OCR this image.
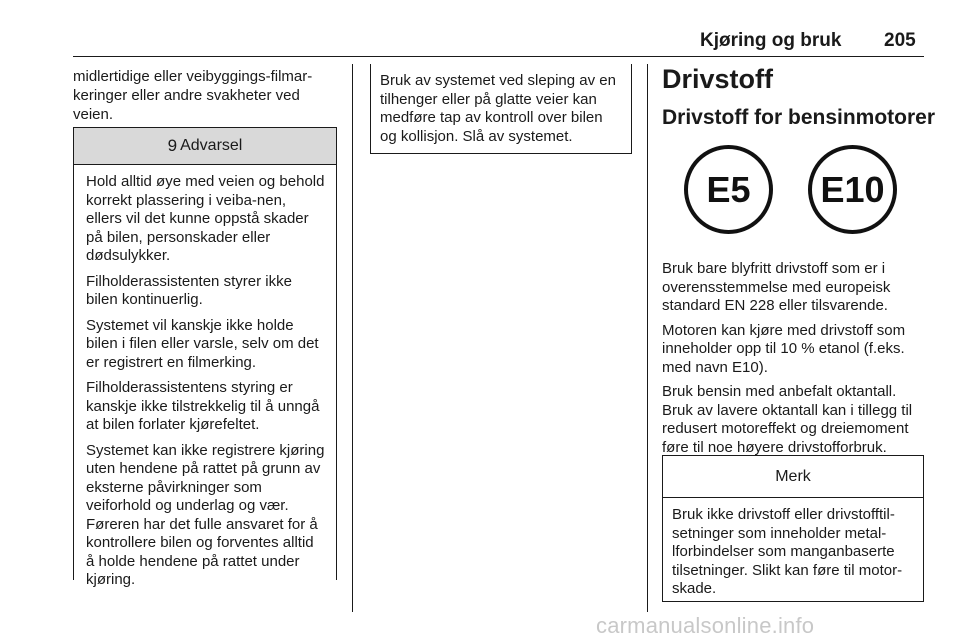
Kjøring og bruk 205

midlertidige eller veibyggings-filmar-keringer eller andre svakheter ved veien.

9 Advarsel

Hold alltid øye med veien og behold korrekt plassering i veiba-nen, ellers vil det kunne oppstå skader på bilen, personskader eller dødsulykker.

Filholderassistenten styrer ikke bilen kontinuerlig.

Systemet vil kanskje ikke holde bilen i filen eller varsle, selv om det er registrert en filmerking.

Filholderassistentens styring er kanskje ikke tilstrekkelig til å unngå at bilen forlater kjørefeltet.

Systemet kan ikke registrere kjøring uten hendene på rattet på grunn av eksterne påvirkninger som veiforhold og underlag og vær. Føreren har det fulle ansvaret for å kontrollere bilen og forventes alltid å holde hendene på rattet under kjøring.

Bruk av systemet ved sleping av en tilhenger eller på glatte veier kan medføre tap av kontroll over bilen og kollisjon. Slå av systemet.

Drivstoff
Drivstoff for bensinmotorer
E5	E10

Bruk bare blyfritt drivstoff som er i overensstemmelse med europeisk standard EN 228 eller tilsvarende.

Motoren kan kjøre med drivstoff som inneholder opp til 10 % etanol (f.eks. med navn E10).

Bruk bensin med anbefalt oktantall. Bruk av lavere oktantall kan i tillegg til redusert motoreffekt og dreiemoment føre til noe høyere drivstofforbruk.

Merk

Bruk ikke drivstoff eller drivstofftil-setninger som inneholder metal-lforbindelser som manganbaserte tilsetninger. Slikt kan føre til motor-skade.

carmanualsonline.info
